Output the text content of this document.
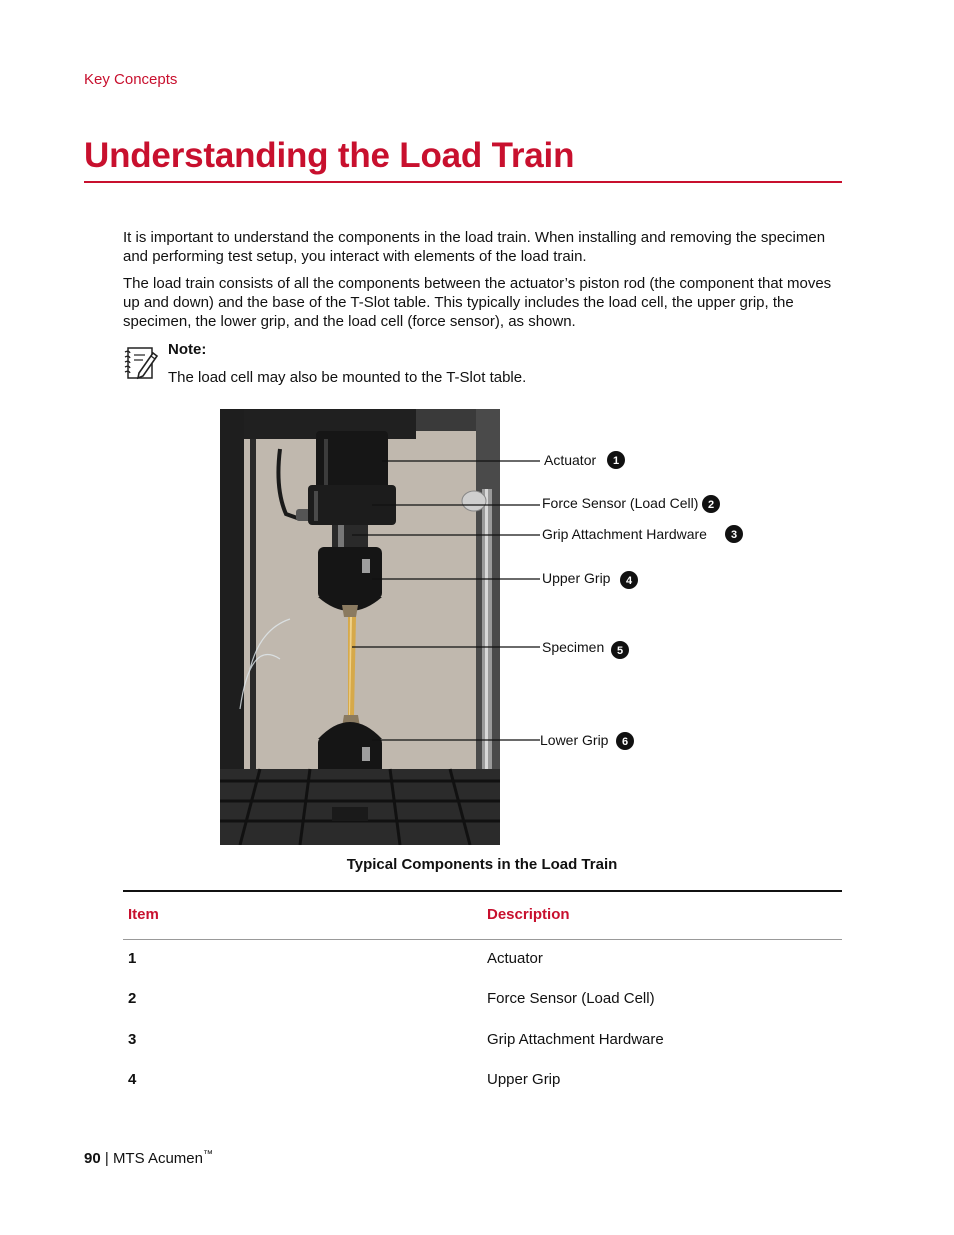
Key Concepts
Understanding the Load Train

It is important to understand the components in the load train. When installing and removing the specimen and performing test setup, you interact with elements of the load train.

The load train consists of all the components between the actuator’s piston rod (the component that moves up and down) and the base of the T-Slot table. This typically includes the load cell, the upper grip, the specimen, the lower grip, and the load cell (force sensor), as shown.

Note:
The load cell may also be mounted to the T-Slot table.
Actuator
Force Sensor (Load Cell)
Grip Attachment Hardware
Upper Grip
Specimen
Lower Grip
1
2
3
4
5
6
Typical Components in the Load Train
Item	Description
1	Actuator
2	Force Sensor (Load Cell)
3	Grip Attachment Hardware
4	Upper Grip
90 | MTS Acumen™
